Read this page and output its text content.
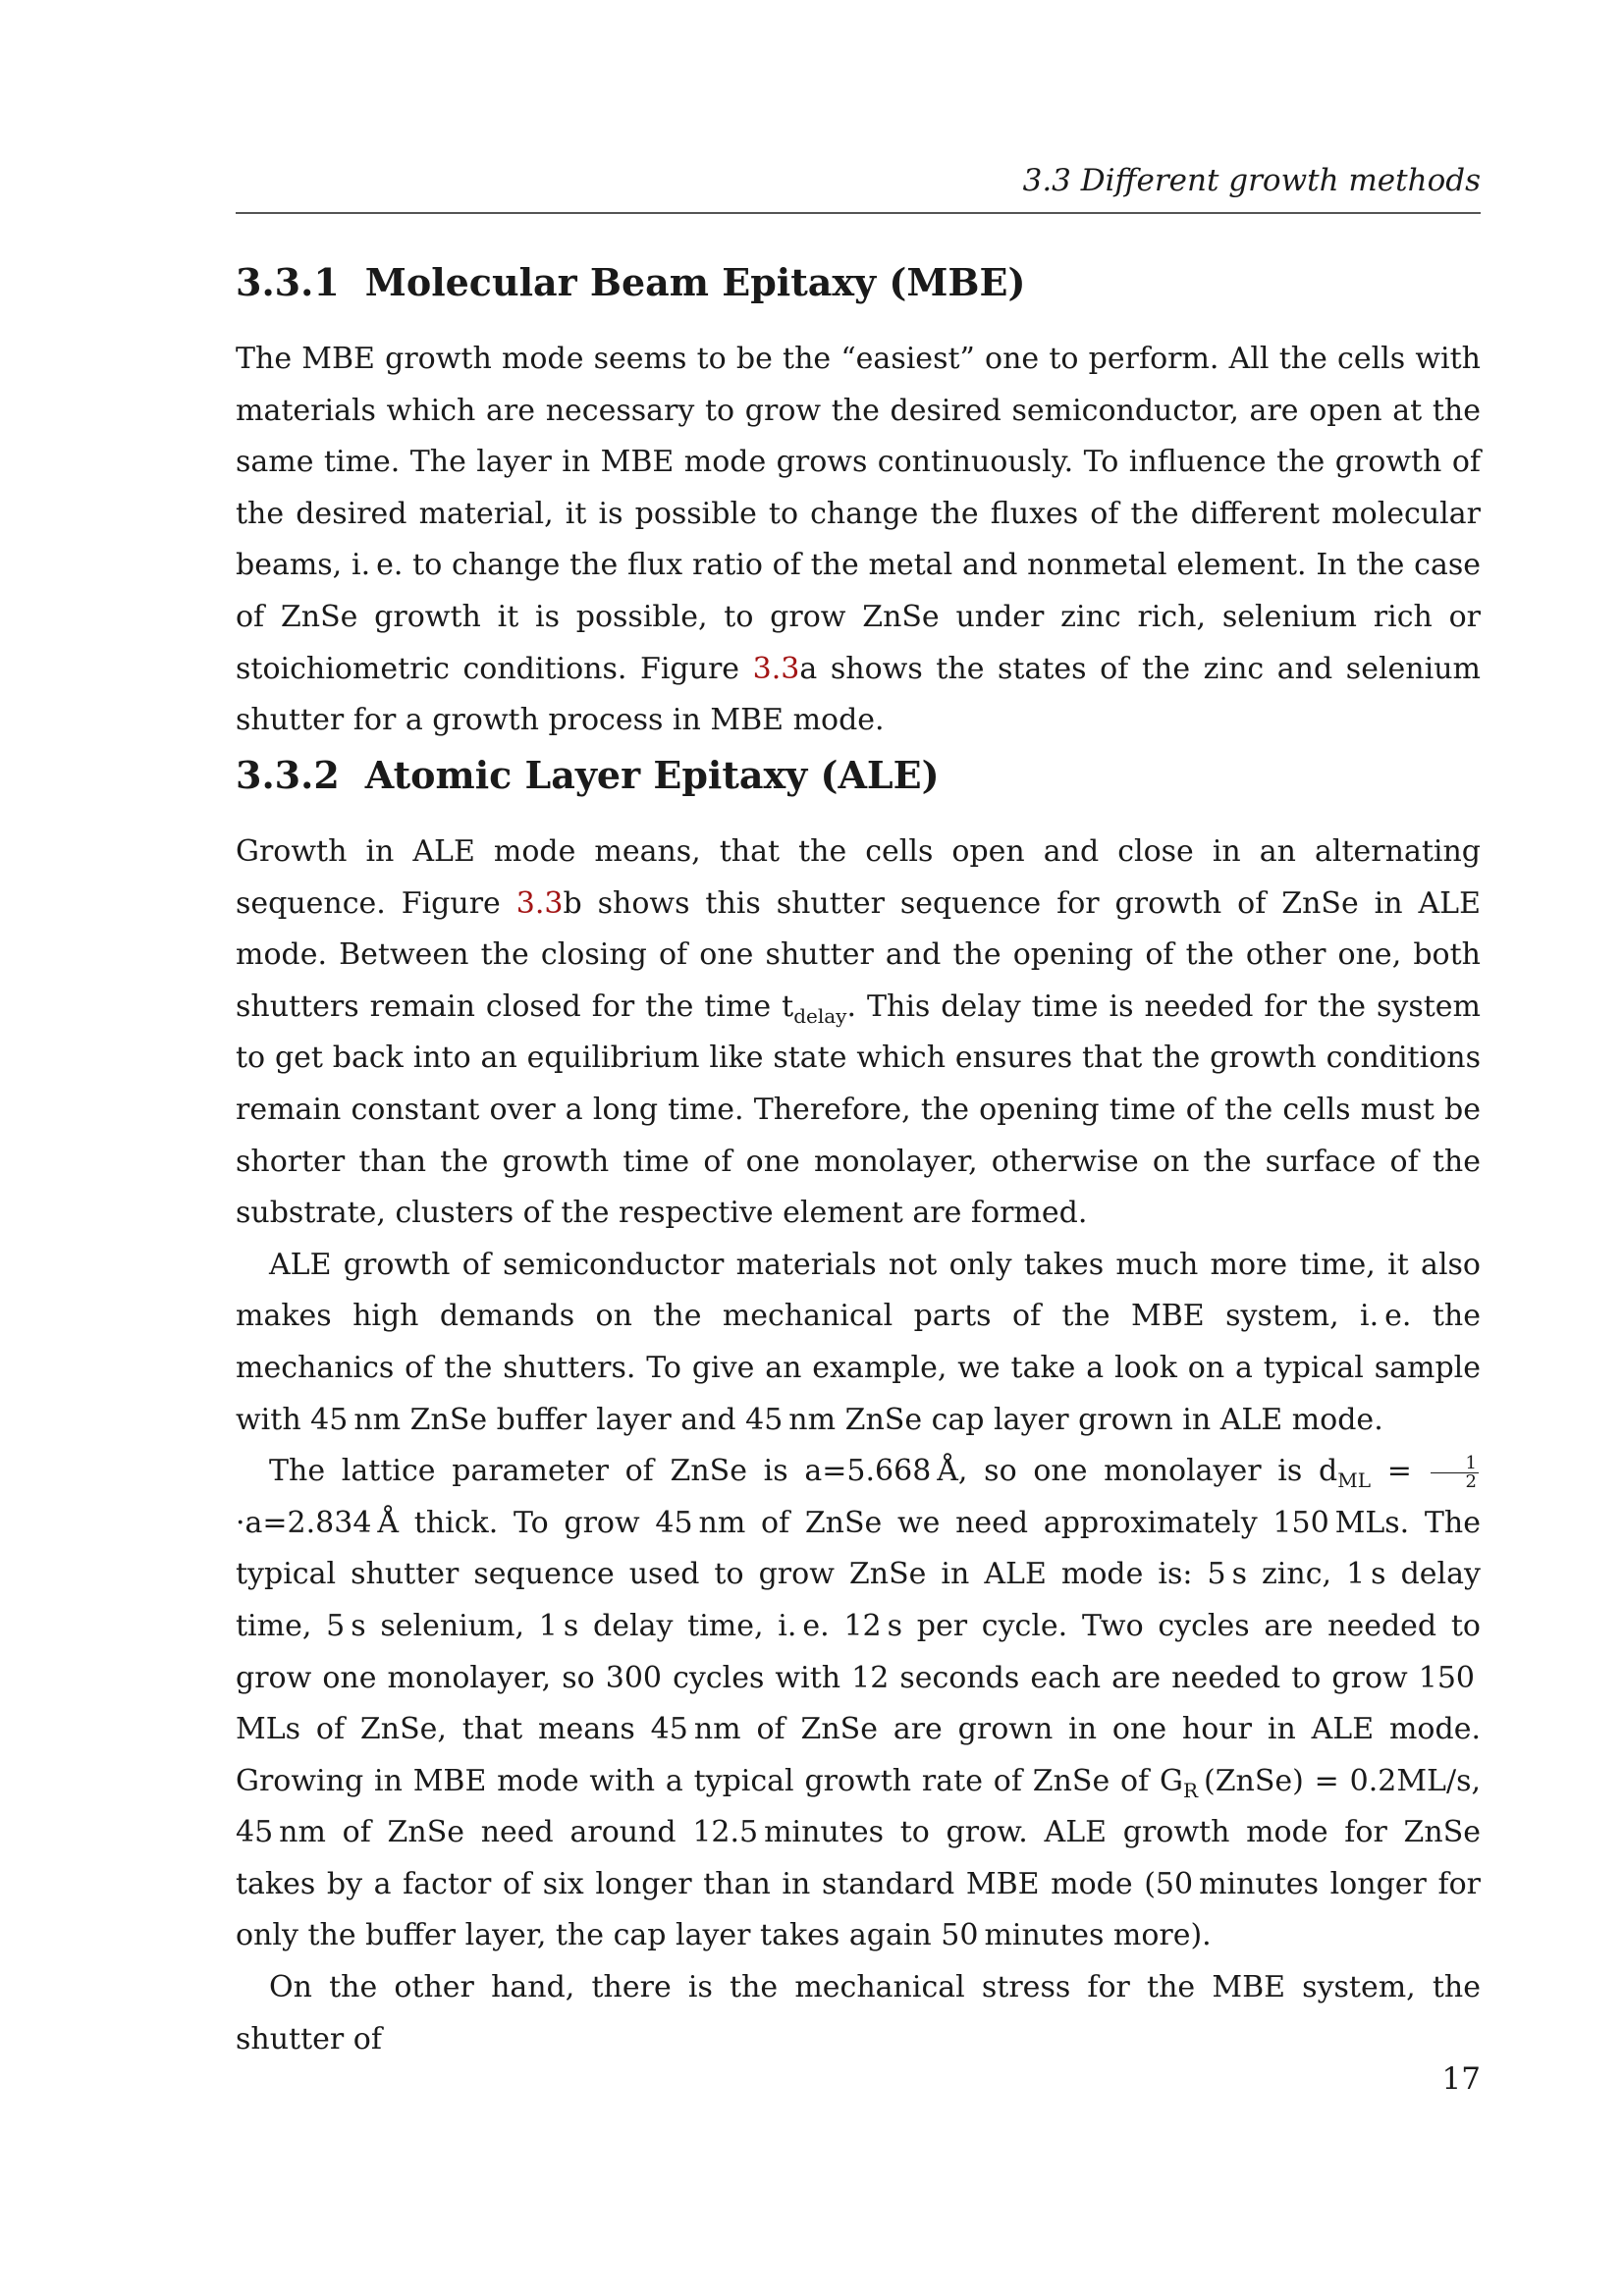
3.3 Different growth methods
3.3.1 Molecular Beam Epitaxy (MBE)

The MBE growth mode seems to be the “easiest” one to perform. All the cells with materials which are necessary to grow the desired semiconductor, are open at the same time. The layer in MBE mode grows continuously. To influence the growth of the desired material, it is possible to change the fluxes of the different molecular beams, i. e. to change the flux ratio of the metal and nonmetal element. In the case of ZnSe growth it is possible, to grow ZnSe under zinc rich, selenium rich or stoichiometric conditions. Figure 3.3a shows the states of the zinc and selenium shutter for a growth process in MBE mode.

3.3.2 Atomic Layer Epitaxy (ALE)

Growth in ALE mode means, that the cells open and close in an alternating sequence. Figure 3.3b shows this shutter sequence for growth of ZnSe in ALE mode. Between the closing of one shutter and the opening of the other one, both shutters remain closed for the time $t_{delay}$. This delay time is needed for the system to get back into an equilibrium like state which ensures that the growth conditions remain constant over a long time. Therefore, the opening time of the cells must be shorter than the growth time of one monolayer, otherwise on the surface of the substrate, clusters of the respective element are formed.

ALE growth of semiconductor materials not only takes much more time, it also makes high demands on the mechanical parts of the MBE system, i. e. the mechanics of the shutters. To give an example, we take a look on a typical sample with 45 nm ZnSe buffer layer and 45 nm ZnSe cap layer grown in ALE mode.

The lattice parameter of ZnSe is a=5.668 Å, so one monolayer is $d_{ML} = \frac{1}{2}$
·a=2.834 Å thick. To grow 45 nm of ZnSe we need approximately 150 MLs. The typical shutter sequence used to grow ZnSe in ALE mode is: 5 s zinc, 1 s delay time, 5 s selenium, 1 s delay time, i. e. 12 s per cycle. Two cycles are needed to grow one monolayer, so 300 cycles with 12 seconds each are needed to grow 150 MLs of ZnSe, that means 45 nm of ZnSe are grown in one hour in ALE mode. Growing in MBE mode with a typical growth rate of ZnSe of $G_R$ (ZnSe) = 0.2ML/s, 45 nm of ZnSe need around 12.5 minutes to grow. ALE growth mode for ZnSe takes by a factor of six longer than in standard MBE mode (50 minutes longer for only the buffer layer, the cap layer takes again 50 minutes more).

On the other hand, there is the mechanical stress for the MBE system, the shutter of

17
